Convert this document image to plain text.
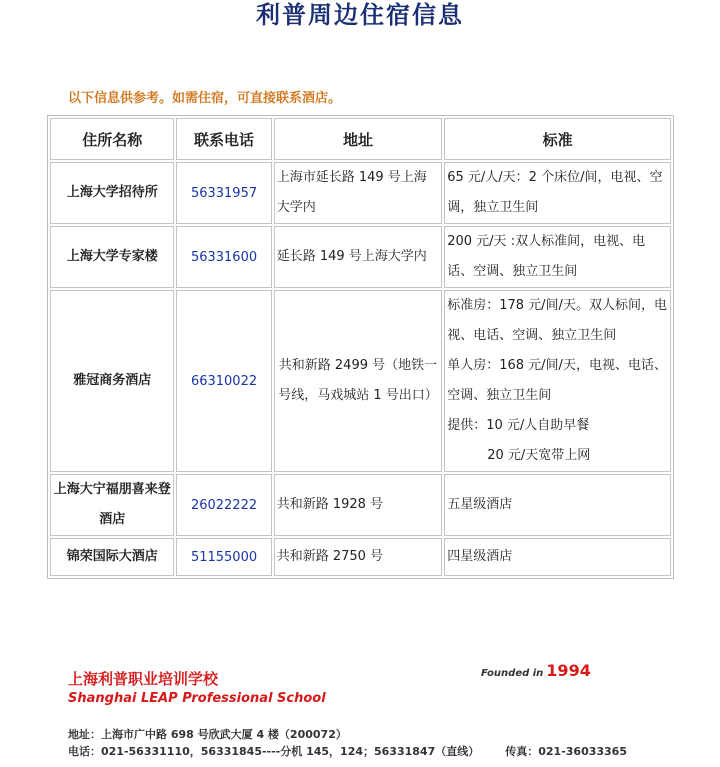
利普周边住宿信息
以下信息供参考。如需住宿，可直接联系酒店。
住所名称	联系电话	地址	标准
上海大学招待所	56331957	上海市延长路 149 号上海大学内	65 元/人/天：2 个床位/间，电视、空调，独立卫生间
上海大学专家楼	56331600	延长路 149 号上海大学内	200 元/天 :双人标准间，电视、电话、空调、独立卫生间
雅冠商务酒店	66310022	共和新路 2499 号（地铁一号线，马戏城站 1 号出口）	标准房：178 元/间/天。双人标间，电视、电话、空调、独立卫生间
单人房：168 元/间/天，电视、电话、空调、独立卫生间
提供：10 元/人自助早餐
20 元/天宽带上网

上海大宁福朋喜来登酒店	26022222	共和新路 1928 号	五星级酒店
锦荣国际大酒店	51155000	共和新路 2750 号	四星级酒店
上海利普职业培训学校
Shanghai LEAP Professional School
Founded in 1994
地址：上海市广中路 698 号欣武大厦 4 楼（200072）
电话：021-56331110，56331845----分机 145，124；56331847（直线） 传真：021-36033365
